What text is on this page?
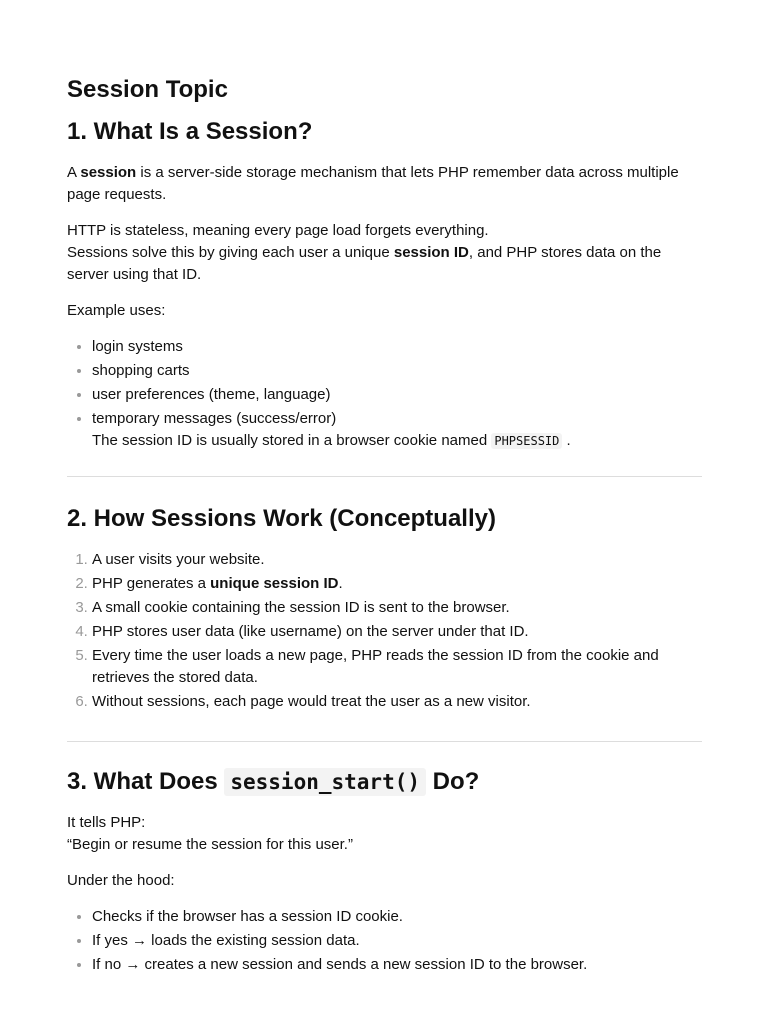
Session Topic
1. What Is a Session?

A session is a server-side storage mechanism that lets PHP remember data across multiple page requests.

HTTP is stateless, meaning every page load forgets everything.
Sessions solve this by giving each user a unique session ID, and PHP stores data on the server using that ID.

Example uses:

• login systems
• shopping carts
• user preferences (theme, language)
• temporary messages (success/error)
The session ID is usually stored in a browser cookie named PHPSESSID .
2. How Sessions Work (Conceptually)
1. A user visits your website.
2. PHP generates a unique session ID.
3. A small cookie containing the session ID is sent to the browser.
4. PHP stores user data (like username) on the server under that ID.
5. Every time the user loads a new page, PHP reads the session ID from the cookie and retrieves the stored data.
6. Without sessions, each page would treat the user as a new visitor.
3. What Does session_start() Do?

It tells PHP:
“Begin or resume the session for this user.”

Under the hood:

• Checks if the browser has a session ID cookie.
• If yes → loads the existing session data.
• If no → creates a new session and sends a new session ID to the browser.
